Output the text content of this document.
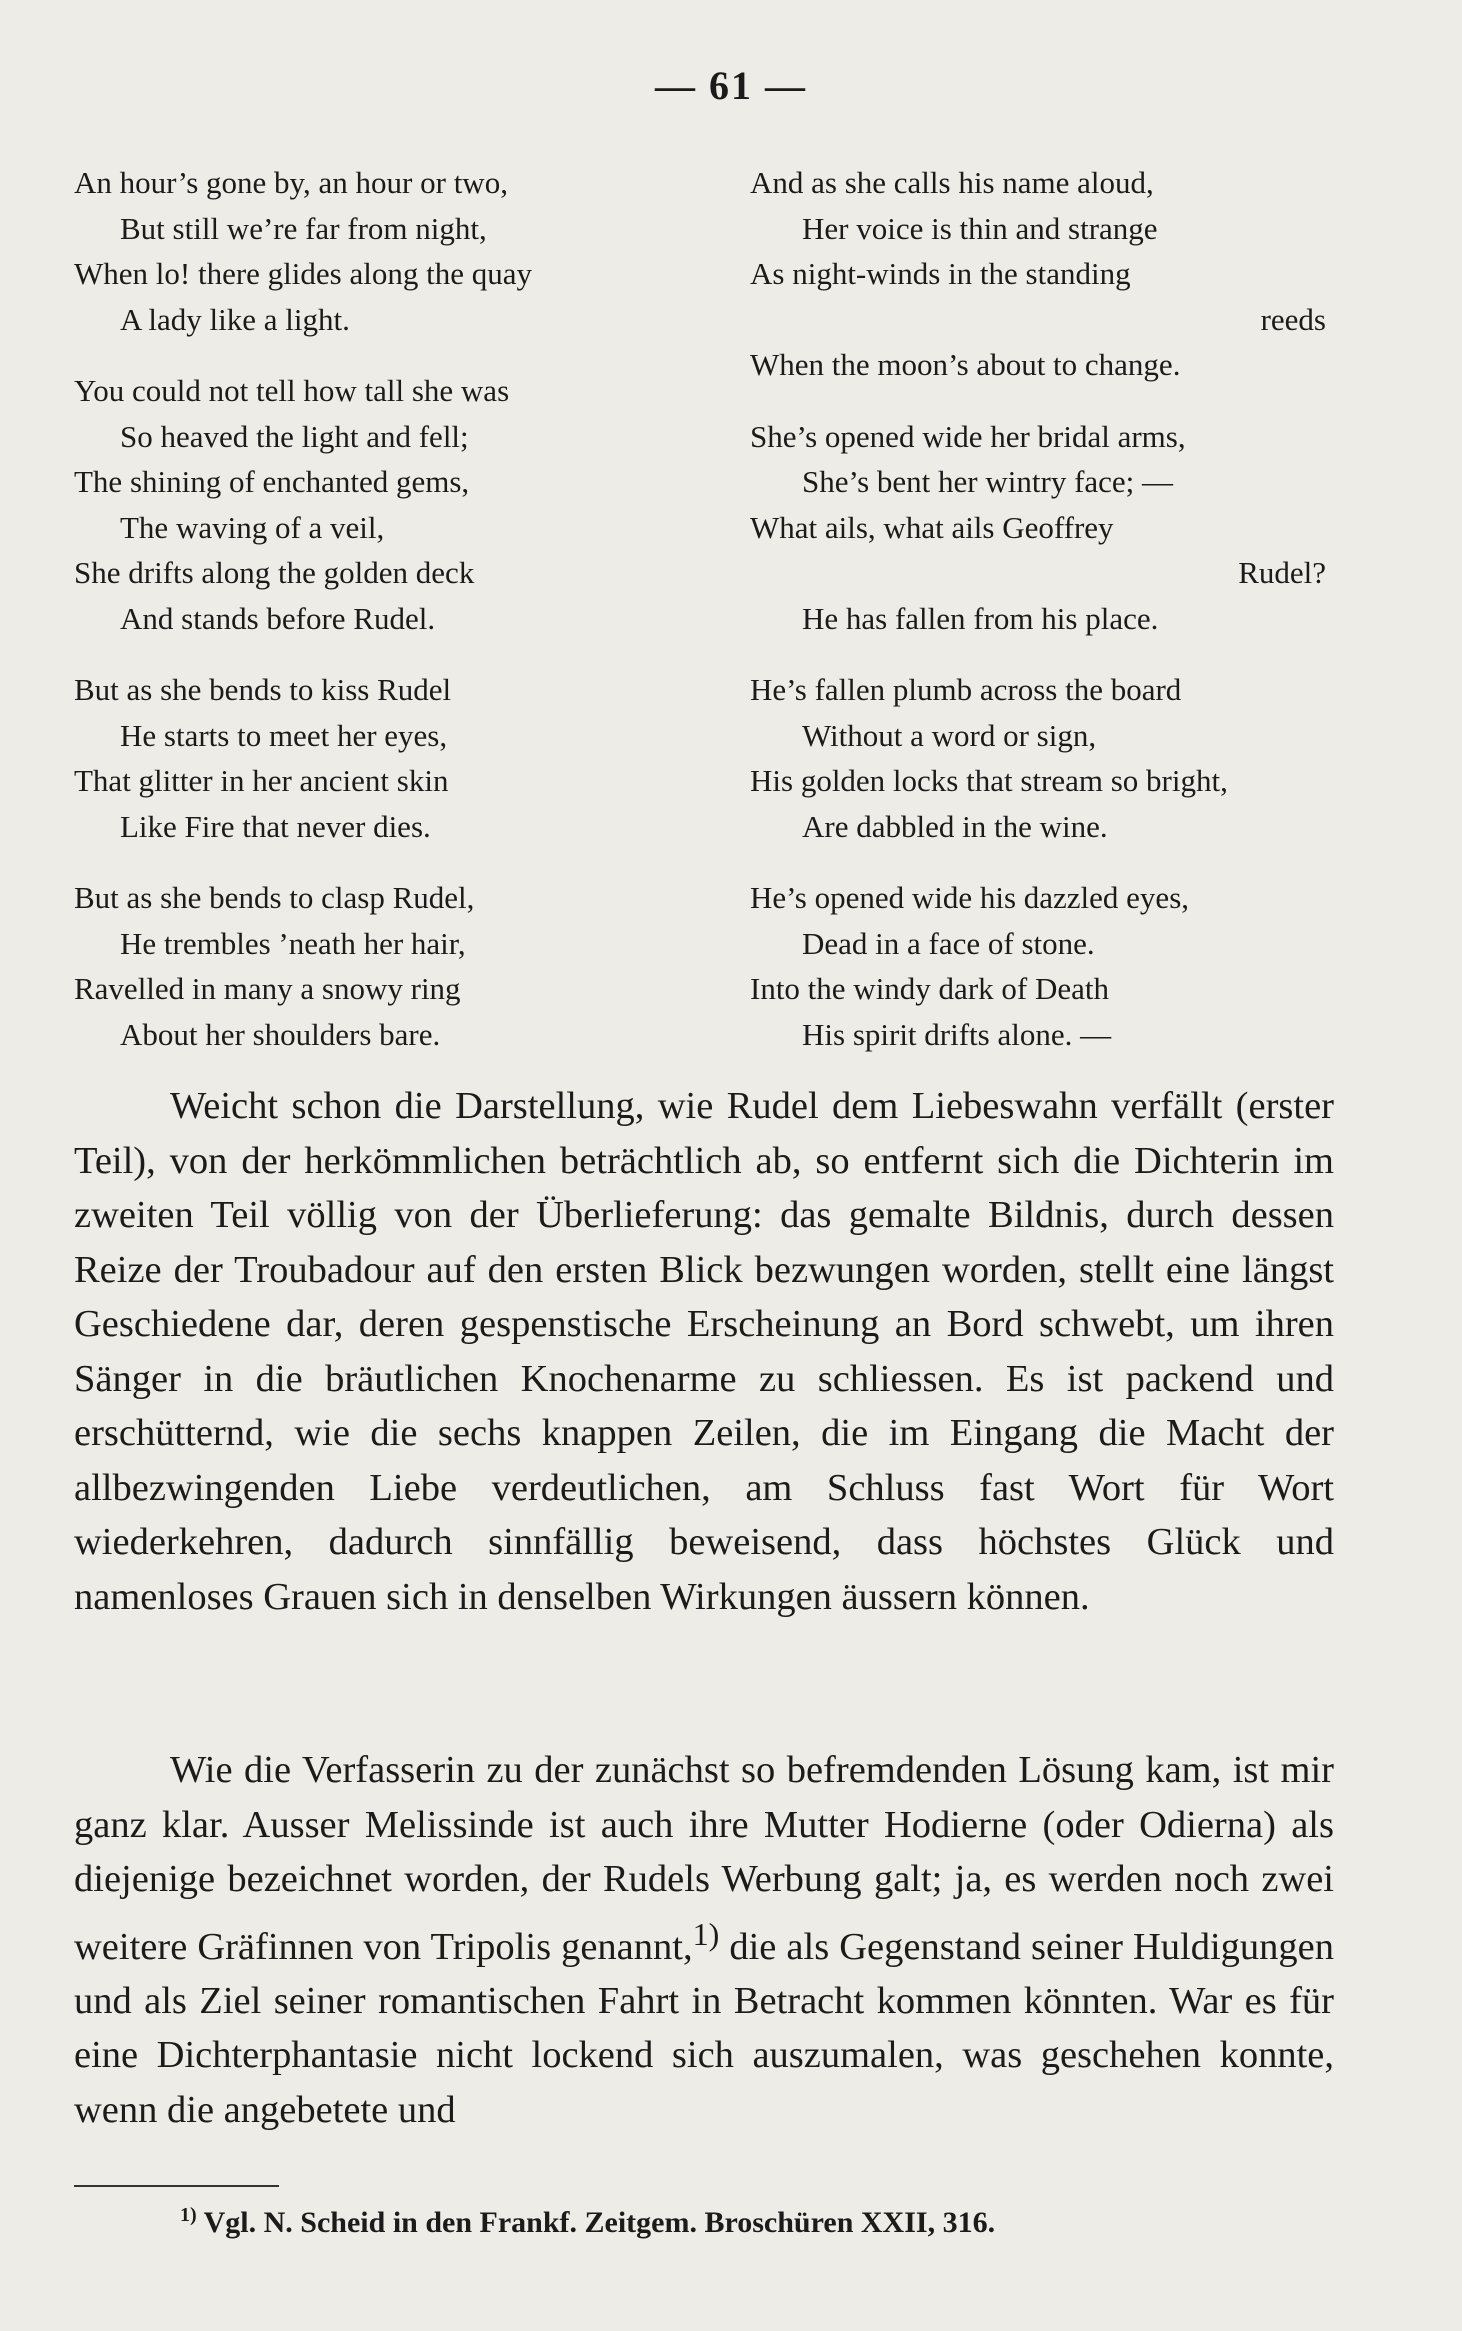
— 61 —
An hour’s gone by, an hour or two,
But still we’re far from night,
When lo! there glides along the quay
A lady like a light.
You could not tell how tall she was
So heaved the light and fell;
The shining of enchanted gems,
The waving of a veil,
She drifts along the golden deck
And stands before Rudel.
But as she bends to kiss Rudel
He starts to meet her eyes,
That glitter in her ancient skin
Like Fire that never dies.
But as she bends to clasp Rudel,
He trembles ’neath her hair,
Ravelled in many a snowy ring
About her shoulders bare.
And as she calls his name aloud,
Her voice is thin and strange
As night-winds in the standing
reeds
When the moon’s about to change.
She’s opened wide her bridal arms,
She’s bent her wintry face; —
What ails, what ails Geoffrey
Rudel?
He has fallen from his place.
He’s fallen plumb across the board
Without a word or sign,
His golden locks that stream so bright,
Are dabbled in the wine.
He’s opened wide his dazzled eyes,
Dead in a face of stone.
Into the windy dark of Death
His spirit drifts alone. —

Weicht schon die Darstellung, wie Rudel dem Liebeswahn verfällt (erster Teil), von der herkömmlichen beträchtlich ab, so entfernt sich die Dichterin im zweiten Teil völlig von der Überlieferung: das gemalte Bildnis, durch dessen Reize der Troubadour auf den ersten Blick bezwungen worden, stellt eine längst Geschiedene dar, deren gespenstische Erscheinung an Bord schwebt, um ihren Sänger in die bräutlichen Knochenarme zu schliessen. Es ist packend und erschütternd, wie die sechs knappen Zeilen, die im Eingang die Macht der allbezwingenden Liebe verdeutlichen, am Schluss fast Wort für Wort wiederkehren, dadurch sinnfällig beweisend, dass höchstes Glück und namenloses Grauen sich in denselben Wirkungen äussern können.

Wie die Verfasserin zu der zunächst so befremdenden Lösung kam, ist mir ganz klar. Ausser Melissinde ist auch ihre Mutter Hodierne (oder Odierna) als diejenige bezeichnet worden, der Rudels Werbung galt; ja, es werden noch zwei weitere Gräfinnen von Tripolis genannt,$^{1)}$ die als Gegenstand seiner Huldigungen und als Ziel seiner romantischen Fahrt in Betracht kommen könnten. War es für eine Dichterphantasie nicht lockend sich auszumalen, was geschehen konnte, wenn die angebetete und

$^{1)}$ Vgl. N. Scheid in den Frankf. Zeitgem. Broschüren XXII, 316.
